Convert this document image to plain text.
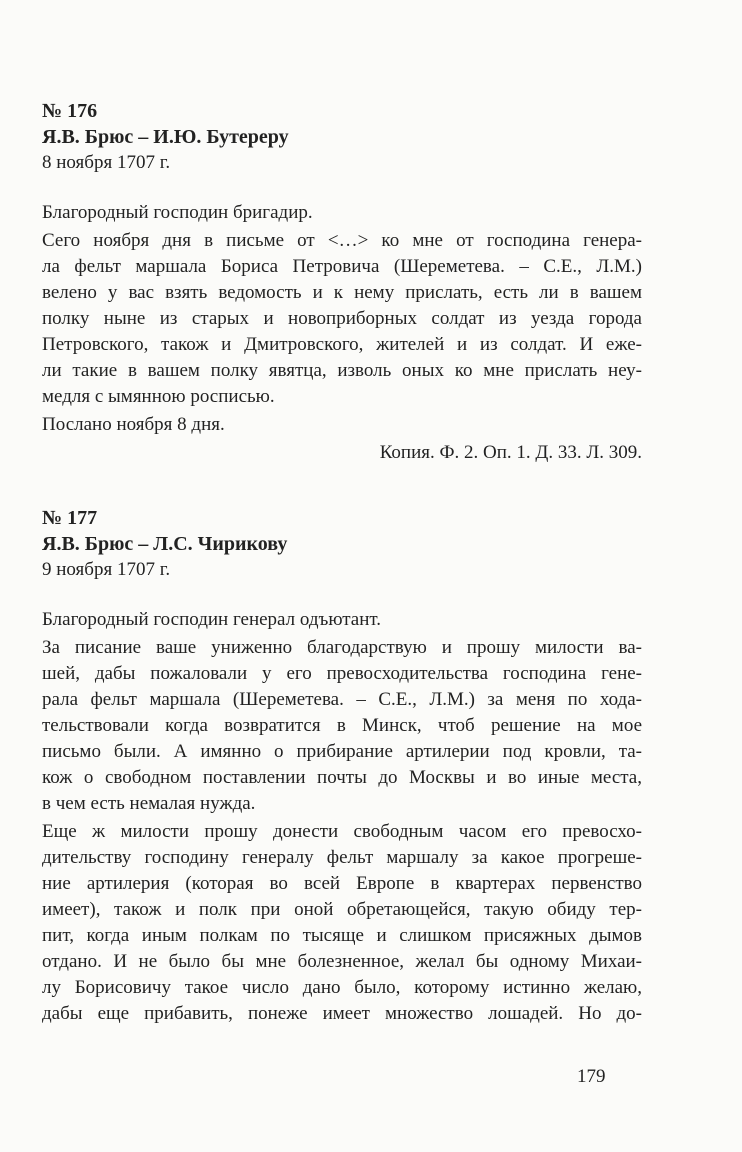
№ 176
Я.В. Брюс – И.Ю. Бутереру
8 ноября 1707 г.
Благородный господин бригадир.
Сего ноября дня в письме от <…> ко мне от господина генера-
ла фельт маршала Бориса Петровича (Шереметева. – С.Е., Л.М.)
велено у вас взять ведомость и к нему прислать, есть ли в вашем
полку ныне из старых и новоприборных солдат из уезда города
Петровского, також и Дмитровского, жителей и из солдат. И еже-
ли такие в вашем полку явятца, изволь оных ко мне прислать неу-
медля с ымянною росписью.
Послано ноября 8 дня.
Копия. Ф. 2. Оп. 1. Д. 33. Л. 309.
№ 177
Я.В. Брюс – Л.С. Чирикову
9 ноября 1707 г.
Благородный господин генерал одъютант.
За писание ваше униженно благодарствую и прошу милости ва-
шей, дабы пожаловали у его превосходительства господина гене-
рала фельт маршала (Шереметева. – С.Е., Л.М.) за меня по хода-
тельствовали когда возвратится в Минск, чтоб решение на мое
письмо были. А имянно о прибирание артилерии под кровли, та-
кож о свободном поставлении почты до Москвы и во иные места,
в чем есть немалая нужда.
Еще ж милости прошу донести свободным часом его превосхо-
дительству господину генералу фельт маршалу за какое прогреше-
ние артилерия (которая во всей Европе в квартерах первенство
имеет), також и полк при оной обретающейся, такую обиду тер-
пит, когда иным полкам по тысяще и слишком присяжных дымов
отдано. И не было бы мне болезненное, желал бы одному Михаи-
лу Борисовичу такое число дано было, которому истинно желаю,
дабы еще прибавить, понеже имеет множество лошадей. Но до-
179
